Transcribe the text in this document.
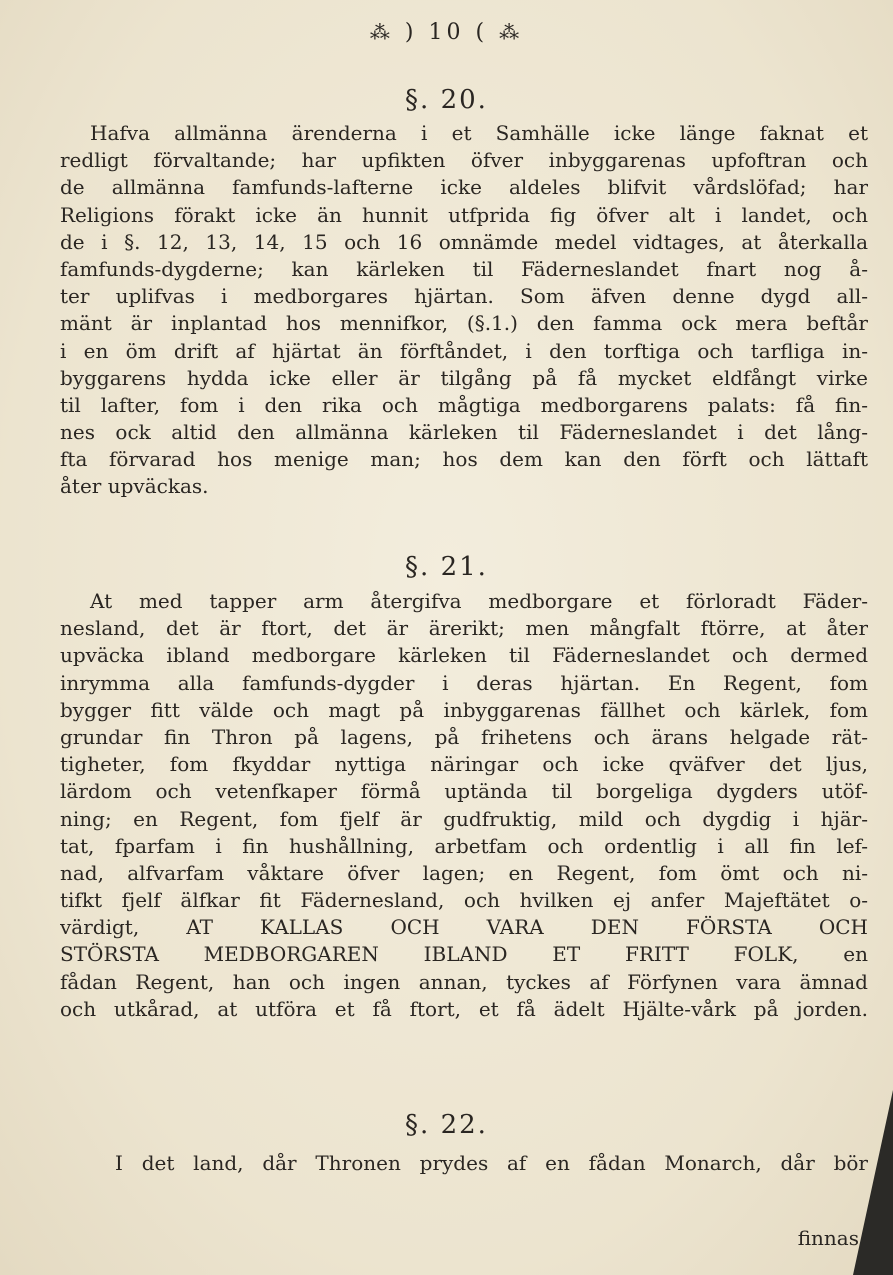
⁂ ) 10 ( ⁂
§. 20.
Hafva allmänna ärenderna i et Samhälle icke länge faknat et
redligt förvaltande; har upfikten öfver inbyggarenas upfoftran och
de allmänna famfunds-lafterne icke aldeles blifvit vårdslöfad; har
Religions förakt icke än hunnit utfprida fig öfver alt i landet, och
de i §. 12, 13, 14, 15 och 16 omnämde medel vidtages, at återkalla
famfunds-dygderne; kan kärleken til Fäderneslandet fnart nog å-
ter uplifvas i medborgares hjärtan. Som äfven denne dygd all-
mänt är inplantad hos mennifkor, (§.1.) den famma ock mera beftår
i en öm drift af hjärtat än förftåndet, i den torftiga och tarfliga in-
byggarens hydda icke eller är tilgång på få mycket eldfångt virke
til lafter, fom i den rika och mågtiga medborgarens palats: få fin-
nes ock altid den allmänna kärleken til Fäderneslandet i det lång-
fta förvarad hos menige man; hos dem kan den förft och lättaft
åter upväckas.
§. 21.
At med tapper arm återgifva medborgare et förloradt Fäder-
nesland, det är ftort, det är ärerikt; men mångfalt ftörre, at åter
upväcka ibland medborgare kärleken til Fäderneslandet och dermed
inrymma alla famfunds-dygder i deras hjärtan. En Regent, fom
bygger fitt välde och magt på inbyggarenas fällhet och kärlek, fom
grundar fin Thron på lagens, på frihetens och ärans helgade rät-
tigheter, fom fkyddar nyttiga näringar och icke qväfver det ljus,
lärdom och vetenfkaper förmå uptända til borgeliga dygders utöf-
ning; en Regent, fom fjelf är gudfruktig, mild och dygdig i hjär-
tat, fparfam i fin hushållning, arbetfam och ordentlig i all fin lef-
nad, alfvarfam våktare öfver lagen; en Regent, fom ömt och ni-
tifkt fjelf älfkar fit Fädernesland, och hvilken ej anfer Majeftätet o-
värdigt, AT KALLAS OCH VARA DEN FÖRSTA OCH
STÖRSTA MEDBORGAREN IBLAND ET FRITT FOLK, en
fådan Regent, han och ingen annan, tyckes af Förfynen vara ämnad
och utkårad, at utföra et få ftort, et få ädelt Hjälte-vårk på jorden.
§. 22.
I det land, dår Thronen prydes af en fådan Monarch, dår bör
finnas
